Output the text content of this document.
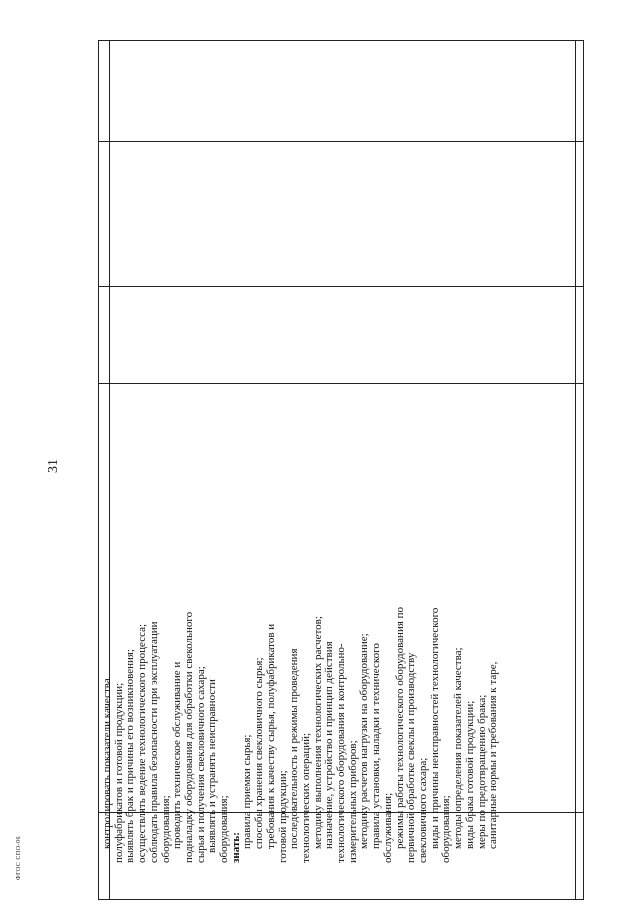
31
ФГОС СПО-06
контролировать показатели качества полуфабрикатов и готовой продукции; выявлять брак и причины его возникновения; осуществлять ведение технологического процесса; соблюдать правила безопасности при эксплуатации оборудования; проводить техническое обслуживание и подналадку оборудования для обработки свекольного сырья и получения свекловичного сахара; выявлять и устранять неисправности оборудования; знать: правила приемки сырья; способы хранения свекловичного сырья; требования к качеству сырья, полуфабрикатов и готовой продукции; последовательность и режимы проведения технологических операций; методику выполнения технологических расчетов; назначение, устройство и принцип действия технологического оборудования и контрольно- измерительных приборов; методику расчетов нагрузки на оборудование; правила установки, наладки и технического обслуживания; режимы работы технологического оборудования по первичной обработке свеклы и производству свекловичного сахара; виды и причины неисправностей технологического оборудования; методы определения показателей качества; виды брака готовой продукции; меры по предотвращению брака; санитарные нормы и требования к таре,
